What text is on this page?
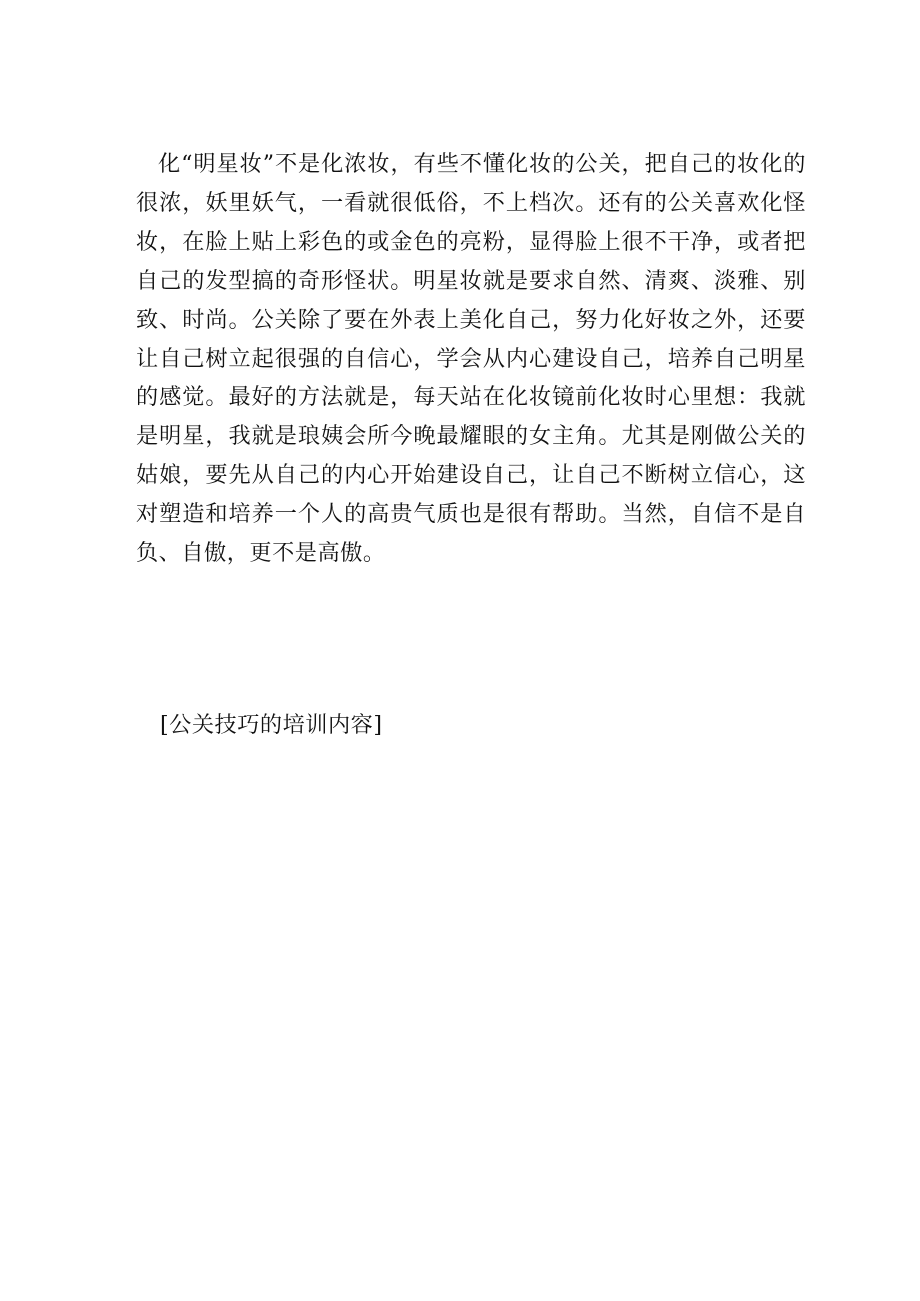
化“明星妆”不是化浓妆，有些不懂化妆的公关，把自己的妆化的很浓，妖里妖气，一看就很低俗，不上档次。还有的公关喜欢化怪妆，在脸上贴上彩色的或金色的亮粉，显得脸上很不干净，或者把自己的发型搞的奇形怪状。明星妆就是要求自然、清爽、淡雅、别致、时尚。公关除了要在外表上美化自己，努力化好妆之外，还要让自己树立起很强的自信心，学会从内心建设自己，培养自己明星的感觉。最好的方法就是，每天站在化妆镜前化妆时心里想：我就是明星，我就是琅姨会所今晚最耀眼的女主角。尤其是刚做公关的姑娘，要先从自己的内心开始建设自己，让自己不断树立信心，这对塑造和培养一个人的高贵气质也是很有帮助。当然，自信不是自负、自傲，更不是高傲。

[公关技巧的培训内容]
